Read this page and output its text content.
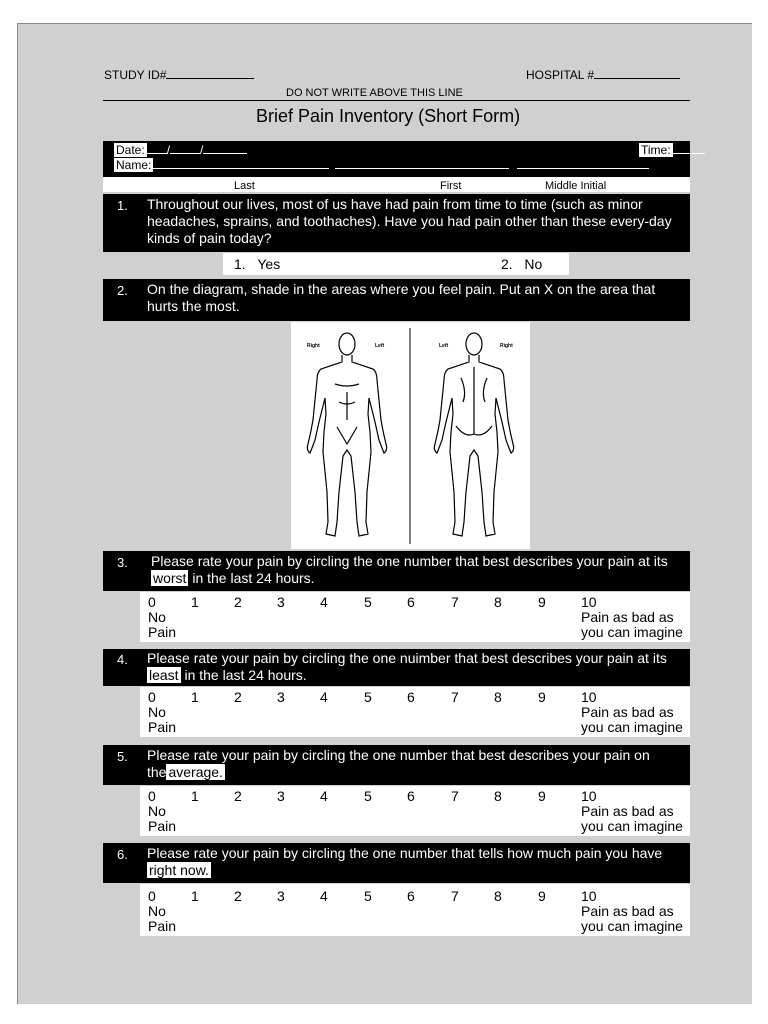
STUDY ID#	HOSPITAL #
DO NOT WRITE ABOVE THIS LINE
Brief Pain Inventory (Short Form)
Date: /	/	Time:
Name:
Last	First	Middle Initial
1. Throughout our lives, most of us have had pain from time to time (such as minor headaches, sprains, and toothaches). Have you had pain other than these every-day kinds of pain today?
1. Yes	2. No
2. On the diagram, shade in the areas where you feel pain. Put an X on the area that hurts the most.
Right	Left	Left	Right
3. Please rate your pain by circling the one number that best describes your pain at its
worst in the last 24 hours.
0	1	2	3	4	5	6	7	8	9	10
No
Pain
Pain as bad as
you can imagine
4. Please rate your pain by circling the one nuimber that best describes your pain at its
least in the last 24 hours.
0	1	2	3	4	5	6	7	8	9	10
No
Pain
Pain as bad as
you can imagine
5. Please rate your pain by circling the one number that best describes your pain on the average.
0	1	2	3	4	5	6	7	8	9	10
No
Pain
Pain as bad as
you can imagine
6. Please rate your pain by circling the one number that tells how much pain you have
right now.
0	1	2	3	4	5	6	7	8	9	10
No
Pain
Pain as bad as
you can imagine
